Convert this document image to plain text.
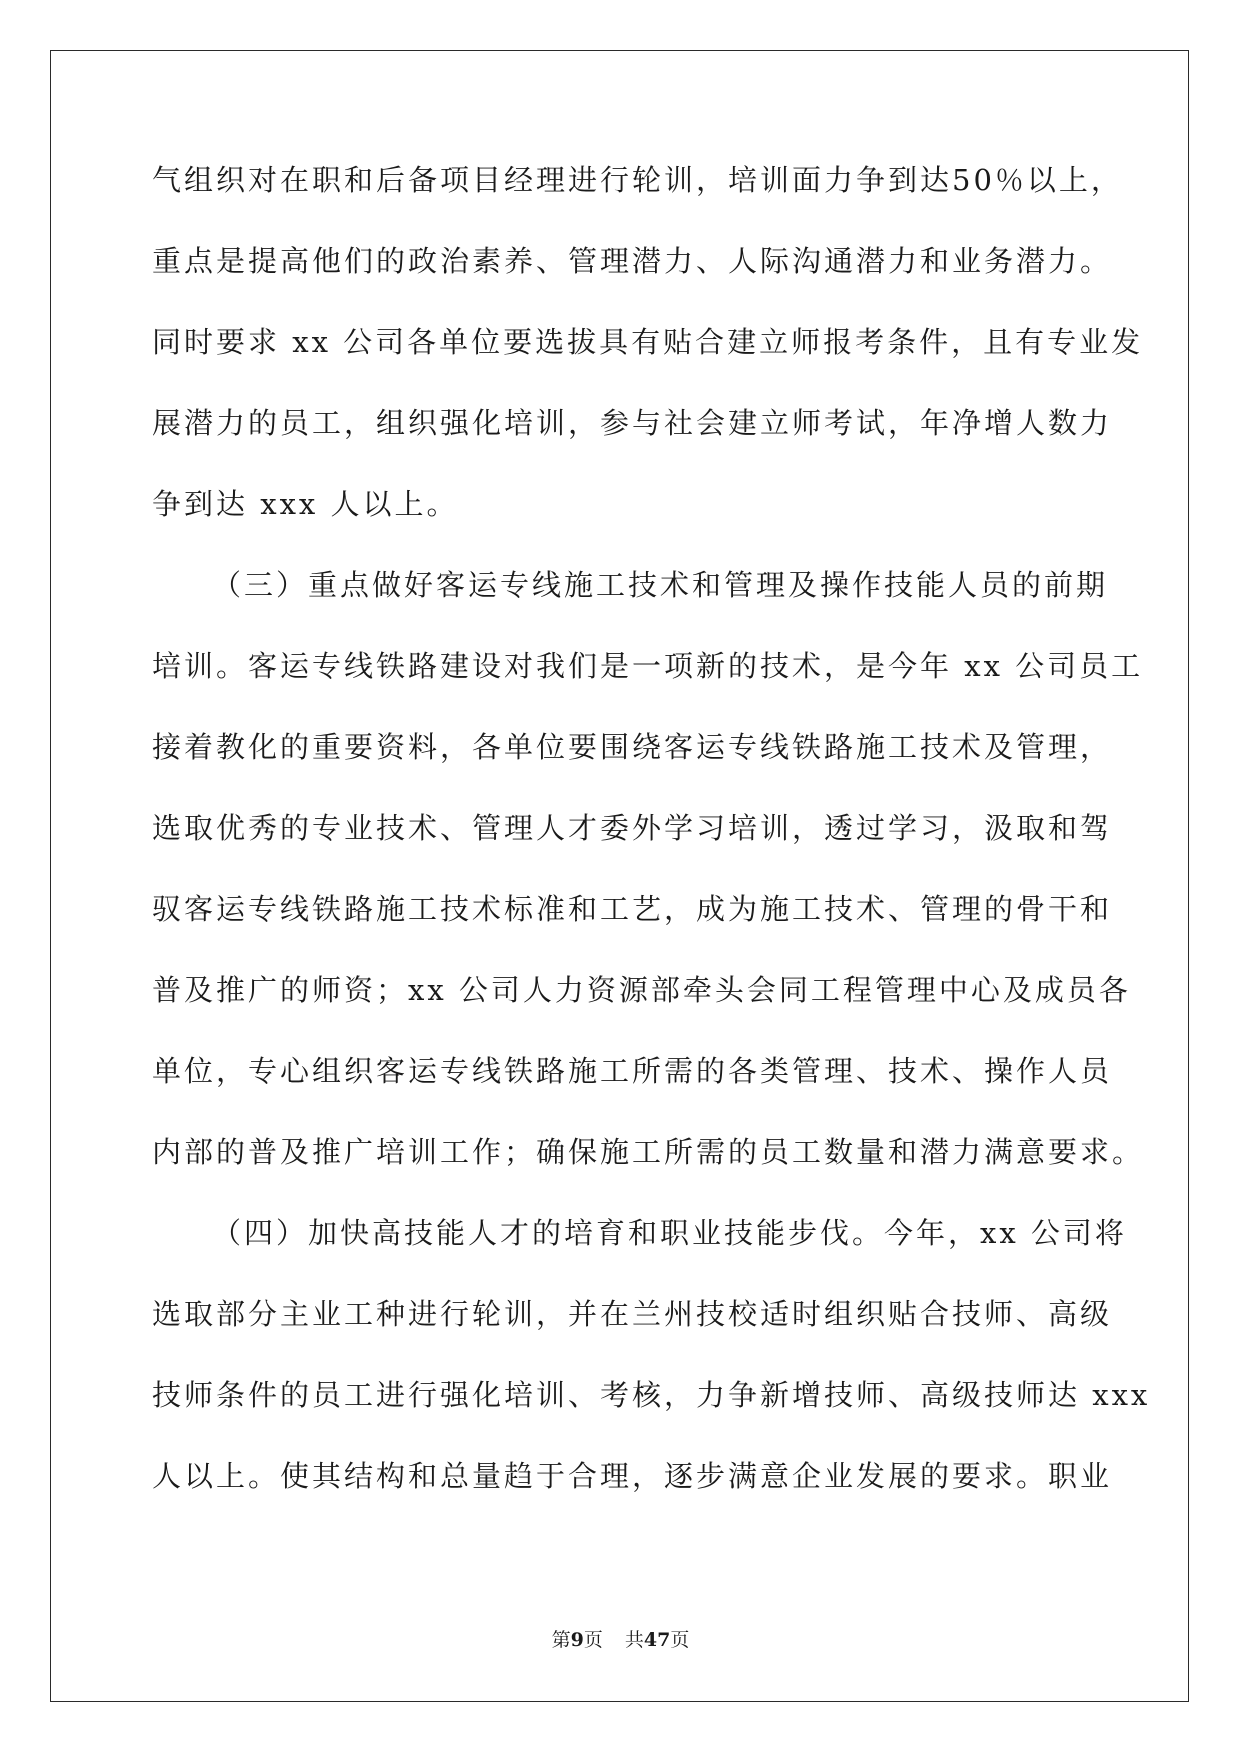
气组织对在职和后备项目经理进行轮训，培训面力争到达50％以上，
重点是提高他们的政治素养、管理潜力、人际沟通潜力和业务潜力。
同时要求 xx 公司各单位要选拔具有贴合建立师报考条件，且有专业发
展潜力的员工，组织强化培训，参与社会建立师考试，年净增人数力
争到达 xxx 人以上。
（三）重点做好客运专线施工技术和管理及操作技能人员的前期
培训。客运专线铁路建设对我们是一项新的技术，是今年 xx 公司员工
接着教化的重要资料，各单位要围绕客运专线铁路施工技术及管理，
选取优秀的专业技术、管理人才委外学习培训，透过学习，汲取和驾
驭客运专线铁路施工技术标准和工艺，成为施工技术、管理的骨干和
普及推广的师资；xx 公司人力资源部牵头会同工程管理中心及成员各
单位，专心组织客运专线铁路施工所需的各类管理、技术、操作人员
内部的普及推广培训工作；确保施工所需的员工数量和潜力满意要求。
（四）加快高技能人才的培育和职业技能步伐。今年，xx 公司将
选取部分主业工种进行轮训，并在兰州技校适时组织贴合技师、高级
技师条件的员工进行强化培训、考核，力争新增技师、高级技师达 xxx
人以上。使其结构和总量趋于合理，逐步满意企业发展的要求。职业
第9页 共47页
